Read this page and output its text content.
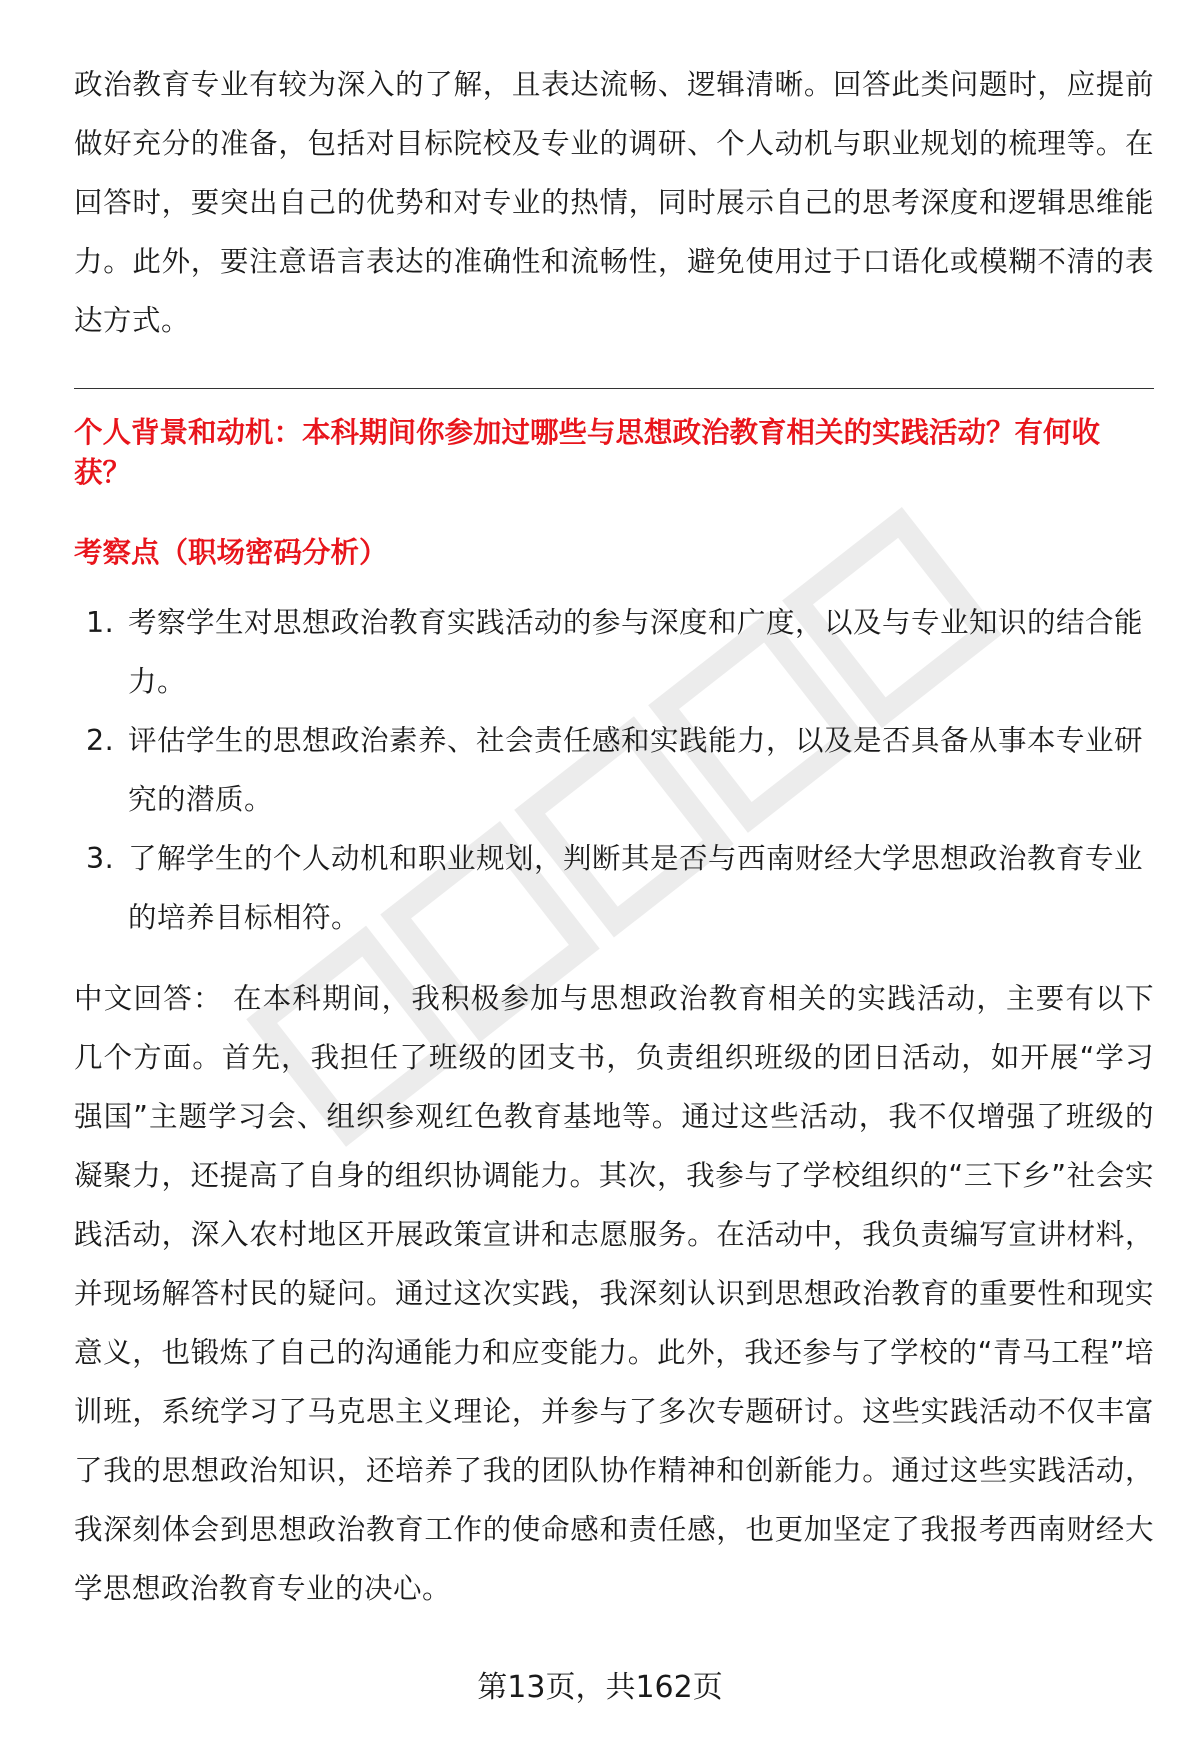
政治教育专业有较为深入的了解，且表达流畅、逻辑清晰。回答此类问题时，应提前做好充分的准备，包括对目标院校及专业的调研、个人动机与职业规划的梳理等。在回答时，要突出自己的优势和对专业的热情，同时展示自己的思考深度和逻辑思维能力。此外，要注意语言表达的准确性和流畅性，避免使用过于口语化或模糊不清的表达方式。

个人背景和动机：本科期间你参加过哪些与思想政治教育相关的实践活动？有何收获？

考察点（职场密码分析）

1. 考察学生对思想政治教育实践活动的参与深度和广度，以及与专业知识的结合能力。
2. 评估学生的思想政治素养、社会责任感和实践能力，以及是否具备从事本专业研究的潜质。
3. 了解学生的个人动机和职业规划，判断其是否与西南财经大学思想政治教育专业的培养目标相符。

中文回答： 在本科期间，我积极参加与思想政治教育相关的实践活动，主要有以下几个方面。首先，我担任了班级的团支书，负责组织班级的团日活动，如开展“学习强国”主题学习会、组织参观红色教育基地等。通过这些活动，我不仅增强了班级的凝聚力，还提高了自身的组织协调能力。其次，我参与了学校组织的“三下乡”社会实践活动，深入农村地区开展政策宣讲和志愿服务。在活动中，我负责编写宣讲材料，并现场解答村民的疑问。通过这次实践，我深刻认识到思想政治教育的重要性和现实意义，也锻炼了自己的沟通能力和应变能力。此外，我还参与了学校的“青马工程”培训班，系统学习了马克思主义理论，并参与了多次专题研讨。这些实践活动不仅丰富了我的思想政治知识，还培养了我的团队协作精神和创新能力。通过这些实践活动，我深刻体会到思想政治教育工作的使命感和责任感，也更加坚定了我报考西南财经大学思想政治教育专业的决心。

第13页，共162页
